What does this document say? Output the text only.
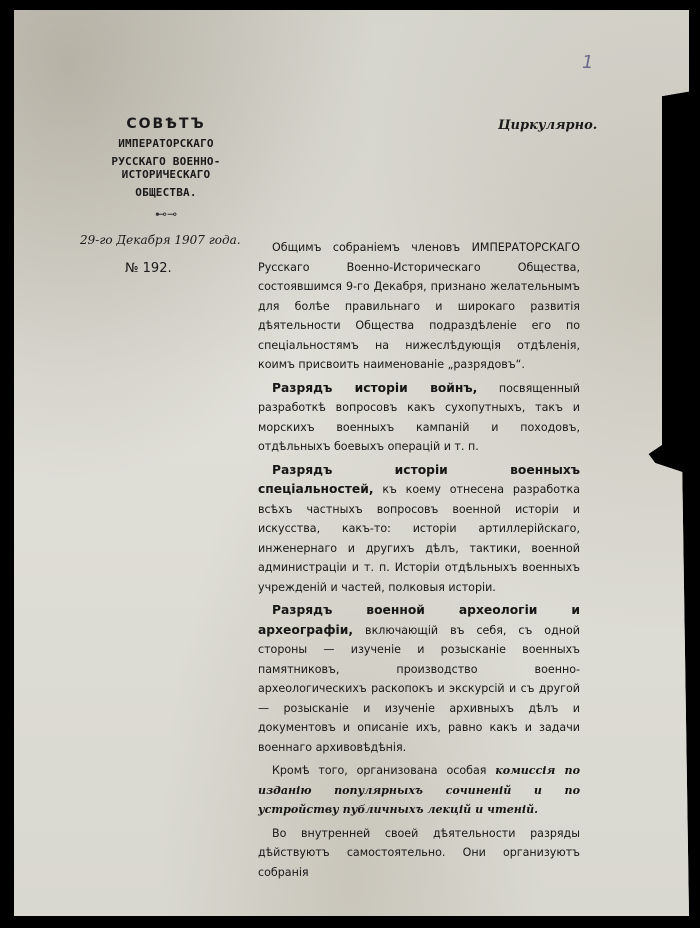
1
СОВѢТЪ
ИМПЕРАТОРСКАГО
РУССКАГО ВОЕННО-ИСТОРИЧЕСКАГО
ОБЩЕСТВА.
⊷⊸
29-го Декабря 1907 года.
№ 192.
Циркулярно.

Общимъ собраніемъ членовъ ИМПЕРАТОРСКАГО Русскаго Военно-Историческаго Общества, состоявшимся 9-го Декабря, признано желательнымъ для болѣе правильнаго и широкаго развитія дѣятельности Общества подраздѣленіе его по спеціальностямъ на нижеслѣдующія отдѣленія, коимъ присвоить наименованіе „разрядовъ“.

Разрядъ исторіи войнъ, посвященный разработкѣ вопросовъ какъ сухопутныхъ, такъ и морскихъ военныхъ кампаній и походовъ, отдѣльныхъ боевыхъ операцій и т. п.

Разрядъ исторіи военныхъ спеціальностей, къ коему отнесена разработка всѣхъ частныхъ вопросовъ военной исторіи и искусства, какъ-то: исторіи артиллерійскаго, инженернаго и другихъ дѣлъ, тактики, военной администраціи и т. п. Исторіи отдѣльныхъ военныхъ учрежденій и частей, полковыя исторіи.

Разрядъ военной археологіи и археографіи, включающій въ себя, съ одной стороны — изученіе и розысканіе военныхъ памятниковъ, производство военно-археологическихъ раскопокъ и экскурсій и съ другой — розысканіе и изученіе архивныхъ дѣлъ и документовъ и описаніе ихъ, равно какъ и задачи военнаго архивовѣдѣнія.

Кромѣ того, организована особая комиссія по изданію популярныхъ сочиненій и по устройству публичныхъ лекцій и чтеній.

Во внутренней своей дѣятельности разряды дѣйствуютъ самостоятельно. Они организуютъ собранія
